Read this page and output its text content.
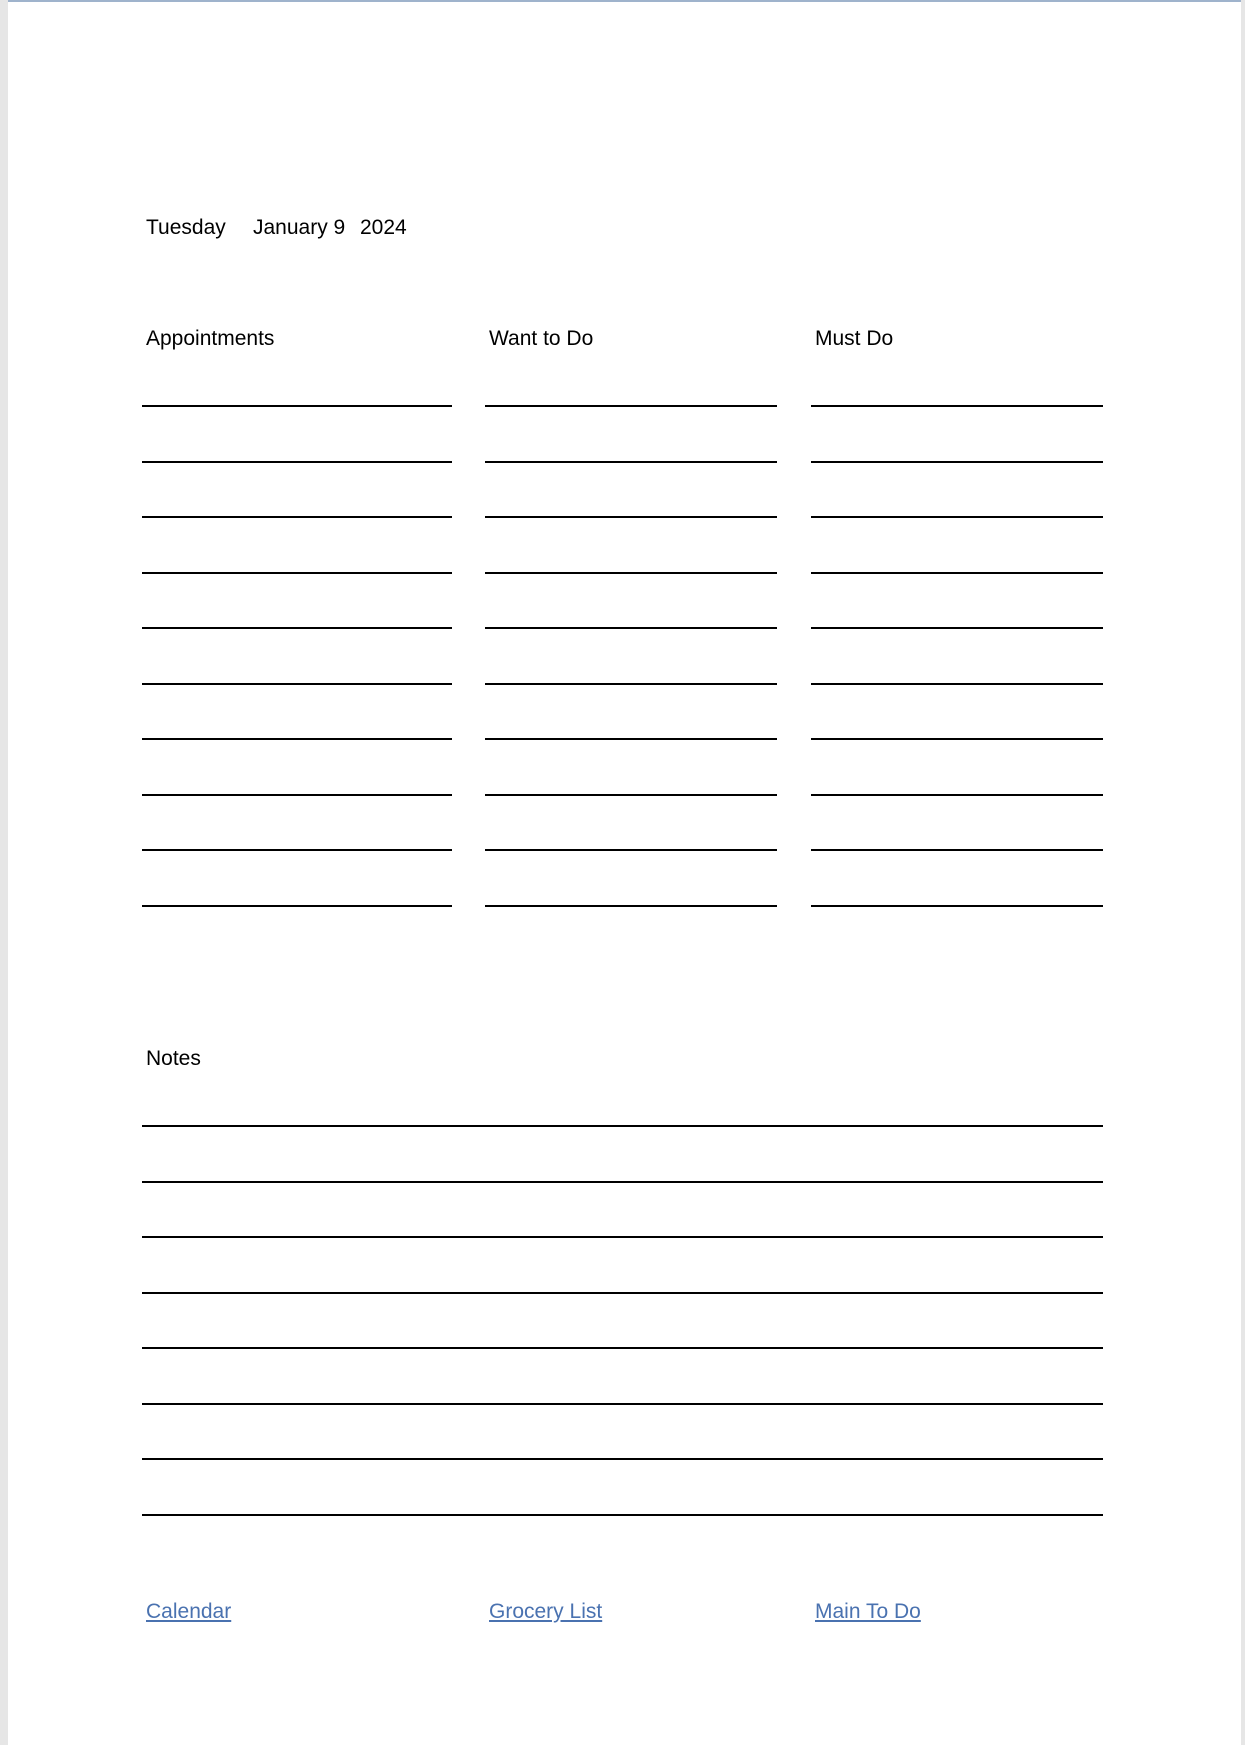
Tuesday January 9 2024
Appointments	Want to Do	Must Do
Notes
Calendar	Grocery List	Main To Do
